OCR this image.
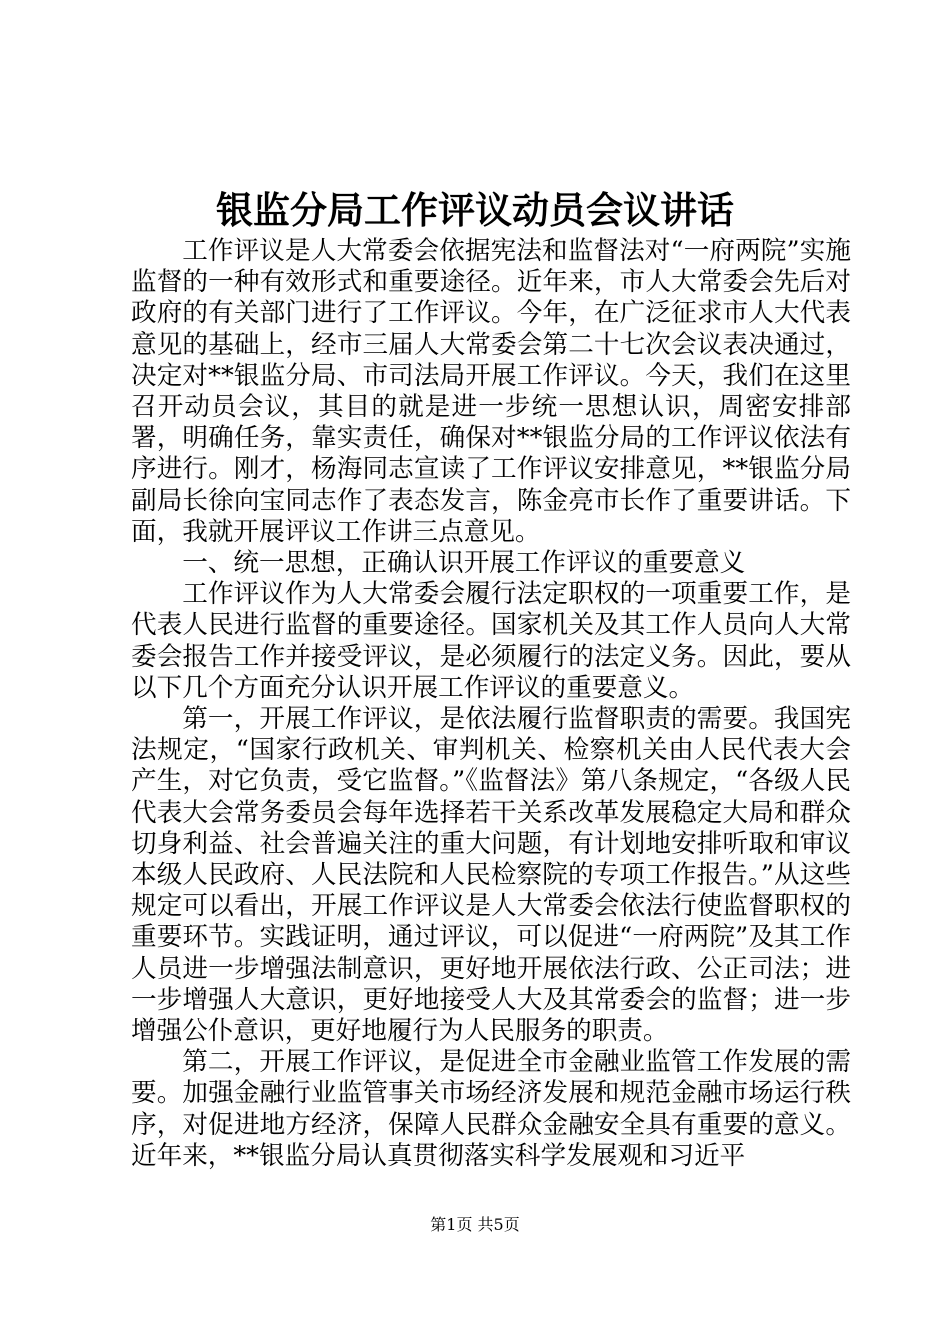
银监分局工作评议动员会议讲话

工作评议是人大常委会依据宪法和监督法对“一府两院”实施监督的一种有效形式和重要途径。近年来，市人大常委会先后对政府的有关部门进行了工作评议。今年，在广泛征求市人大代表意见的基础上，经市三届人大常委会第二十七次会议表决通过，决定对**银监分局、市司法局开展工作评议。今天，我们在这里召开动员会议，其目的就是进一步统一思想认识，周密安排部署，明确任务，靠实责任，确保对**银监分局的工作评议依法有序进行。刚才，杨海同志宣读了工作评议安排意见，**银监分局副局长徐向宝同志作了表态发言，陈金亮市长作了重要讲话。下面，我就开展评议工作讲三点意见。

一、统一思想，正确认识开展工作评议的重要意义

工作评议作为人大常委会履行法定职权的一项重要工作，是代表人民进行监督的重要途径。国家机关及其工作人员向人大常委会报告工作并接受评议，是必须履行的法定义务。因此，要从以下几个方面充分认识开展工作评议的重要意义。

第一，开展工作评议，是依法履行监督职责的需要。我国宪法规定，“国家行政机关、审判机关、检察机关由人民代表大会产生，对它负责，受它监督。”《监督法》第八条规定，“各级人民代表大会常务委员会每年选择若干关系改革发展稳定大局和群众切身利益、社会普遍关注的重大问题，有计划地安排听取和审议本级人民政府、人民法院和人民检察院的专项工作报告。”从这些规定可以看出，开展工作评议是人大常委会依法行使监督职权的重要环节。实践证明，通过评议，可以促进“一府两院”及其工作人员进一步增强法制意识，更好地开展依法行政、公正司法；进一步增强人大意识，更好地接受人大及其常委会的监督；进一步增强公仆意识，更好地履行为人民服务的职责。

第二，开展工作评议，是促进全市金融业监管工作发展的需要。加强金融行业监管事关市场经济发展和规范金融市场运行秩序，对促进地方经济，保障人民群众金融安全具有重要的意义。近年来，**银监分局认真贯彻落实科学发展观和习近平

第1页 共5页
